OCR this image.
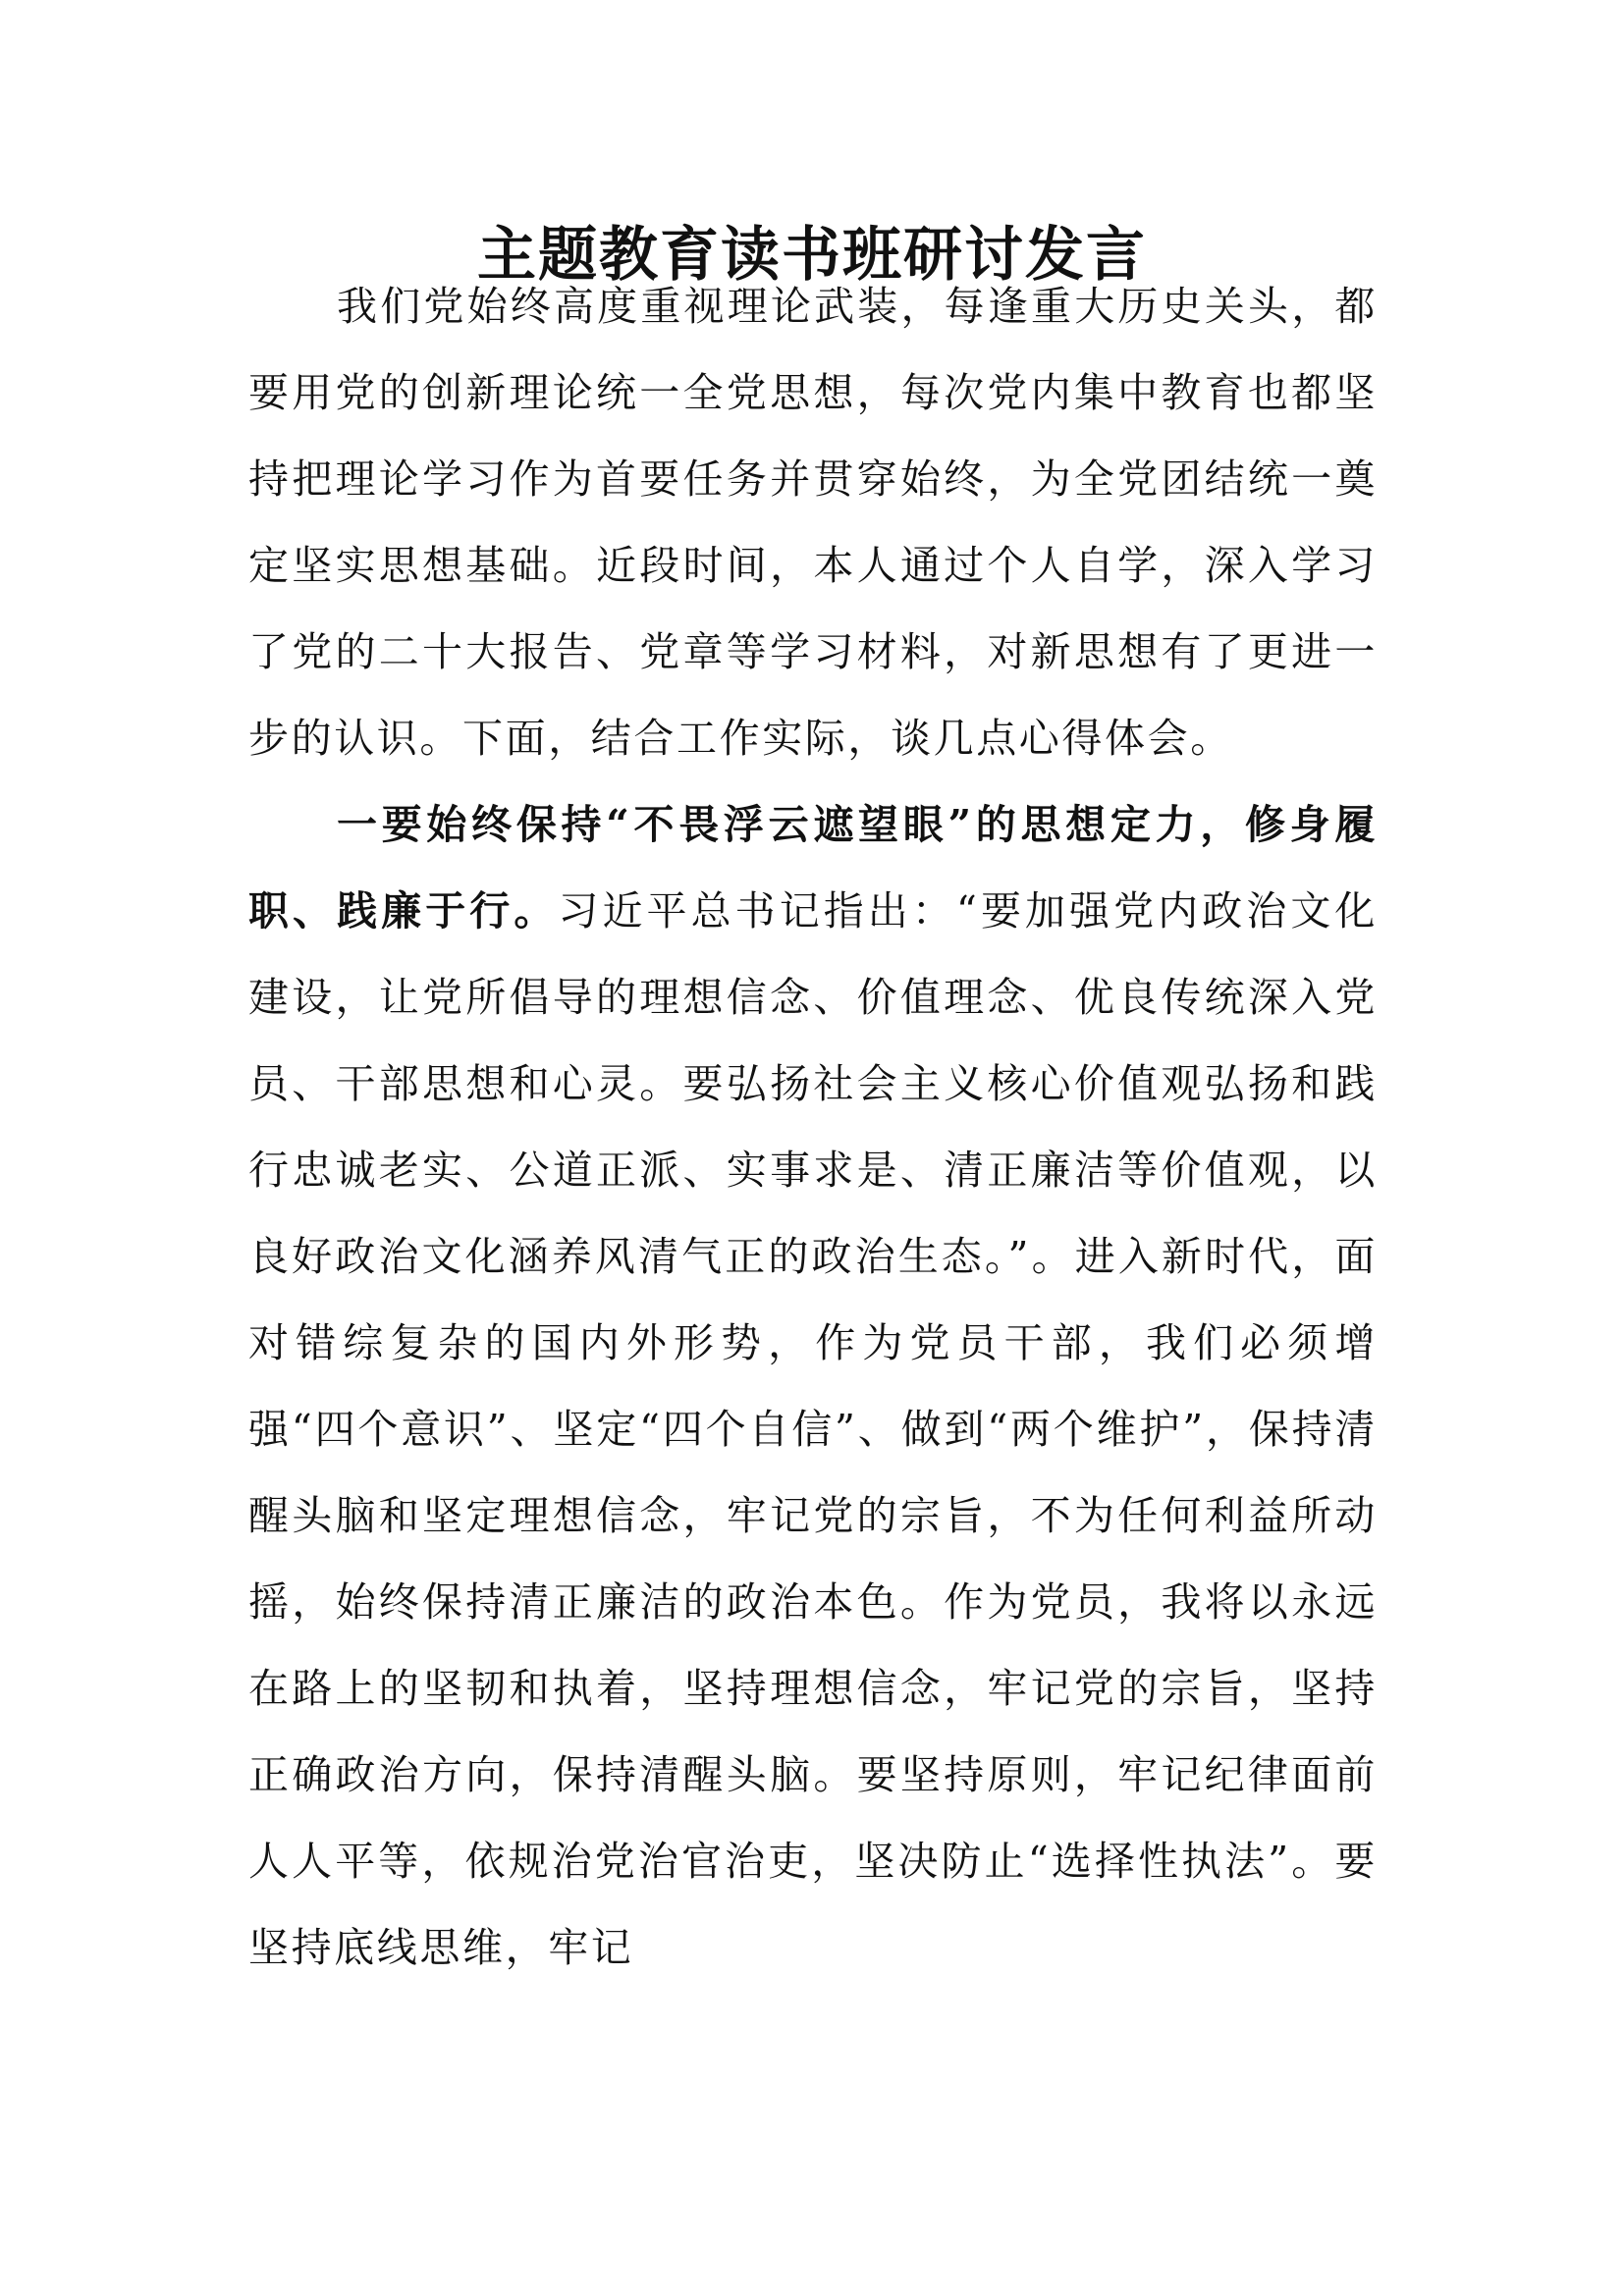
主题教育读书班研讨发言

我们党始终高度重视理论武装，每逢重大历史关头，都要用党的创新理论统一全党思想，每次党内集中教育也都坚持把理论学习作为首要任务并贯穿始终，为全党团结统一奠定坚实思想基础。近段时间，本人通过个人自学，深入学习了党的二十大报告、党章等学习材料，对新思想有了更进一步的认识。下面，结合工作实际，谈几点心得体会。

一要始终保持“不畏浮云遮望眼”的思想定力，修身履职、践廉于行。习近平总书记指出：“要加强党内政治文化建设，让党所倡导的理想信念、价值理念、优良传统深入党员、干部思想和心灵。要弘扬社会主义核心价值观弘扬和践行忠诚老实、公道正派、实事求是、清正廉洁等价值观，以良好政治文化涵养风清气正的政治生态。”。进入新时代，面对错综复杂的国内外形势，作为党员干部，我们必须增强“四个意识”、坚定“四个自信”、做到“两个维护”，保持清醒头脑和坚定理想信念，牢记党的宗旨，不为任何利益所动摇，始终保持清正廉洁的政治本色。作为党员，我将以永远在路上的坚韧和执着，坚持理想信念，牢记党的宗旨，坚持正确政治方向，保持清醒头脑。要坚持原则，牢记纪律面前人人平等，依规治党治官治吏，坚决防止“选择性执法”。要坚持底线思维，牢记
